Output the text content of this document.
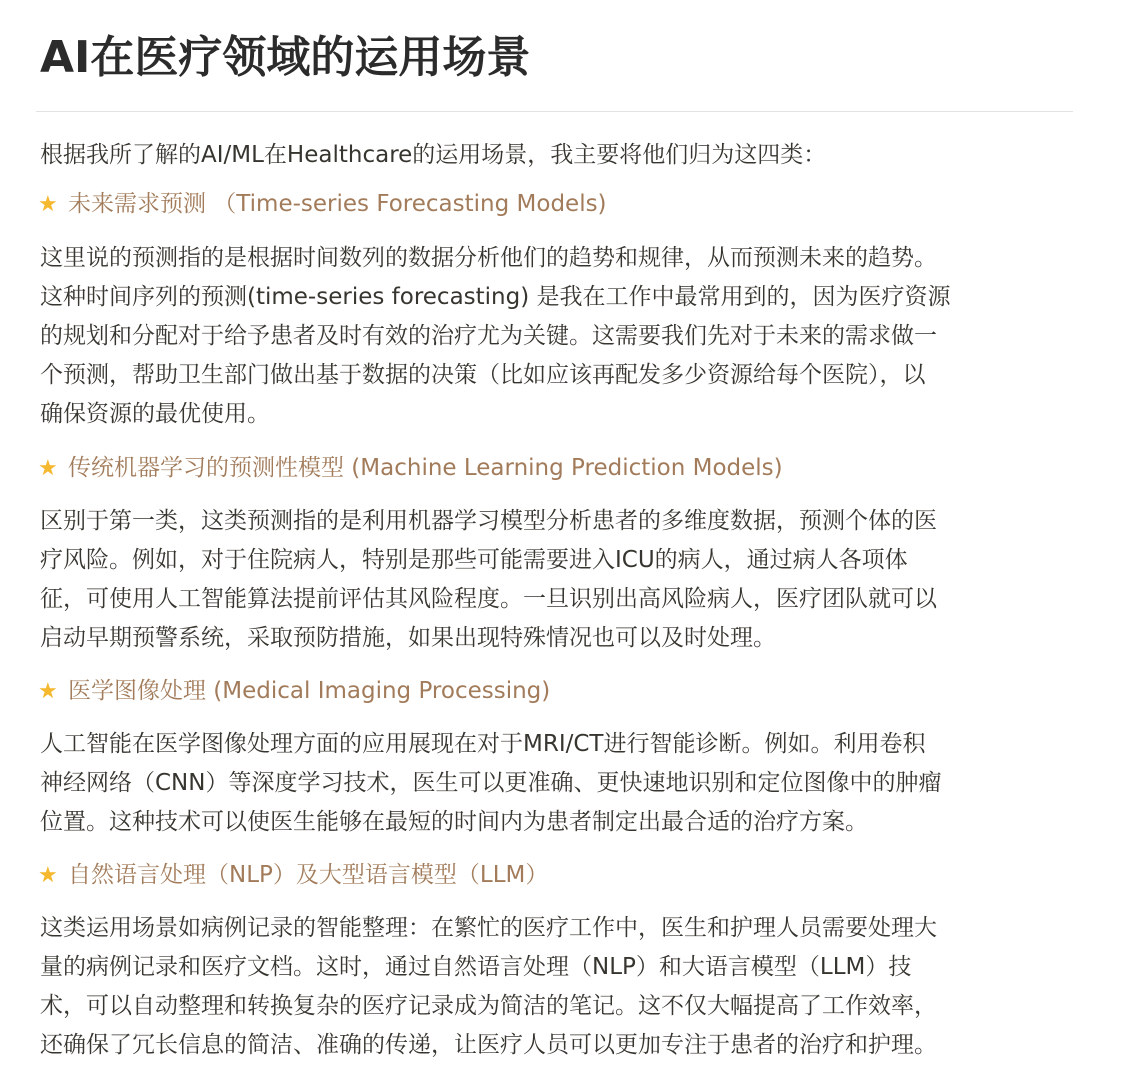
AI在医疗领域的运用场景

根据我所了解的AI/ML在Healthcare的运用场景，我主要将他们归为这四类：

★ 未来需求预测 （Time-series Forecasting Models)

这里说的预测指的是根据时间数列的数据分析他们的趋势和规律，从而预测未来的趋势。
这种时间序列的预测(time-series forecasting) 是我在工作中最常用到的，因为医疗资源
的规划和分配对于给予患者及时有效的治疗尤为关键。这需要我们先对于未来的需求做一
个预测，帮助卫生部门做出基于数据的决策（比如应该再配发多少资源给每个医院），以
确保资源的最优使用。

★ 传统机器学习的预测性模型 (Machine Learning Prediction Models)

区别于第一类，这类预测指的是利用机器学习模型分析患者的多维度数据，预测个体的医
疗风险。例如，对于住院病人，特别是那些可能需要进入ICU的病人，通过病人各项体
征，可使用人工智能算法提前评估其风险程度。一旦识别出高风险病人，医疗团队就可以
启动早期预警系统，采取预防措施，如果出现特殊情况也可以及时处理。

★ 医学图像处理 (Medical Imaging Processing)

人工智能在医学图像处理方面的应用展现在对于MRI/CT进行智能诊断。例如。利用卷积
神经网络（CNN）等深度学习技术，医生可以更准确、更快速地识别和定位图像中的肿瘤
位置。这种技术可以使医生能够在最短的时间内为患者制定出最合适的治疗方案。

★ 自然语言处理（NLP）及大型语言模型（LLM）

这类运用场景如病例记录的智能整理：在繁忙的医疗工作中，医生和护理人员需要处理大
量的病例记录和医疗文档。这时，通过自然语言处理（NLP）和大语言模型（LLM）技
术，可以自动整理和转换复杂的医疗记录成为简洁的笔记。这不仅大幅提高了工作效率，
还确保了冗长信息的简洁、准确的传递，让医疗人员可以更加专注于患者的治疗和护理。
